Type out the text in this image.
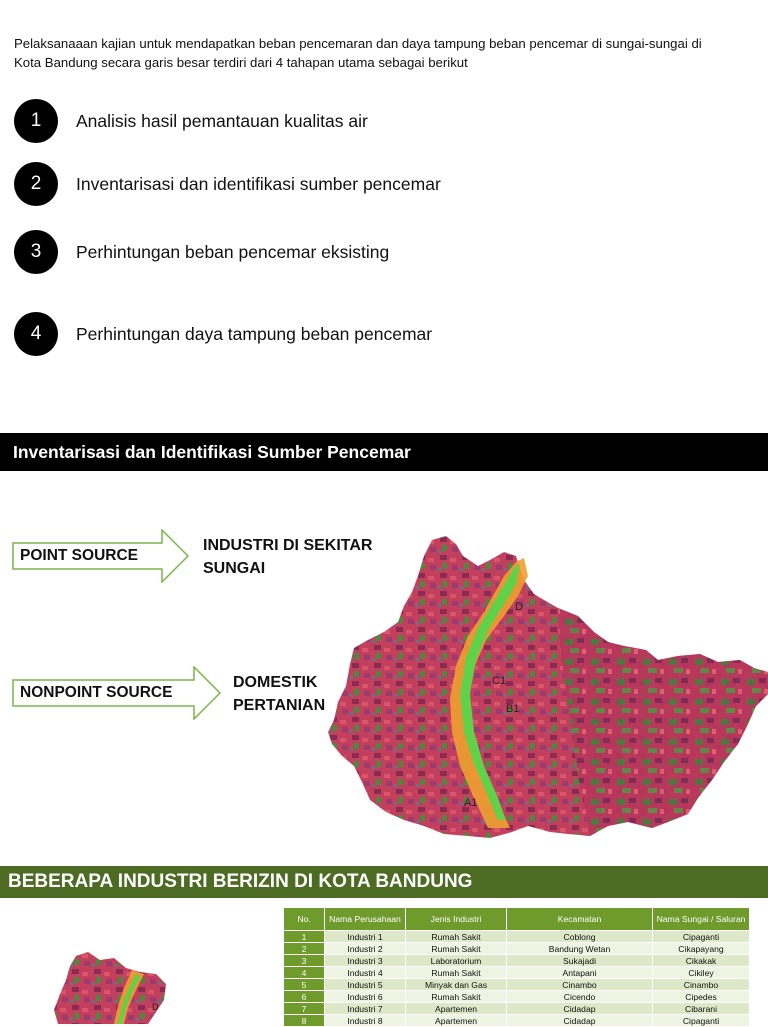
Pelaksanaaan kajian untuk mendapatkan beban pencemaran dan daya tampung beban pencemar di sungai-sungai di Kota Bandung secara garis besar terdiri dari 4 tahapan utama sebagai berikut
1	Analisis hasil pemantauan kualitas air
2	Inventarisasi dan identifikasi sumber pencemar
3	Perhintungan beban pencemar eksisting
4	Perhintungan daya tampung beban pencemar
Inventarisasi dan Identifikasi Sumber Pencemar
POINT SOURCE
INDUSTRI DI SEKITAR
SUNGAI
NONPOINT SOURCE
DOMESTIK
PERTANIAN
D
C1
B1
A1
BEBERAPA INDUSTRI BERIZIN DI KOTA BANDUNG
D
No.	Nama Perusahaan	Jenis Industri	Kecamatan	Nama Sungai / Saluran
1	Industri 1	Rumah Sakit	Coblong	Cipaganti
2	Industri 2	Rumah Sakit	Bandung Wetan	Cikapayang
3	Industri 3	Laboratorium	Sukajadi	Cikakak
4	Industri 4	Rumah Sakit	Antapani	Cikiley
5	Industri 5	Minyak dan Gas	Cinambo	Cinambo
6	Industri 6	Rumah Sakit	Cicendo	Cipedes
7	Industri 7	Apartemen	Cidadap	Cibarani
8	Industri 8	Apartemen	Cidadap	Cipaganti
